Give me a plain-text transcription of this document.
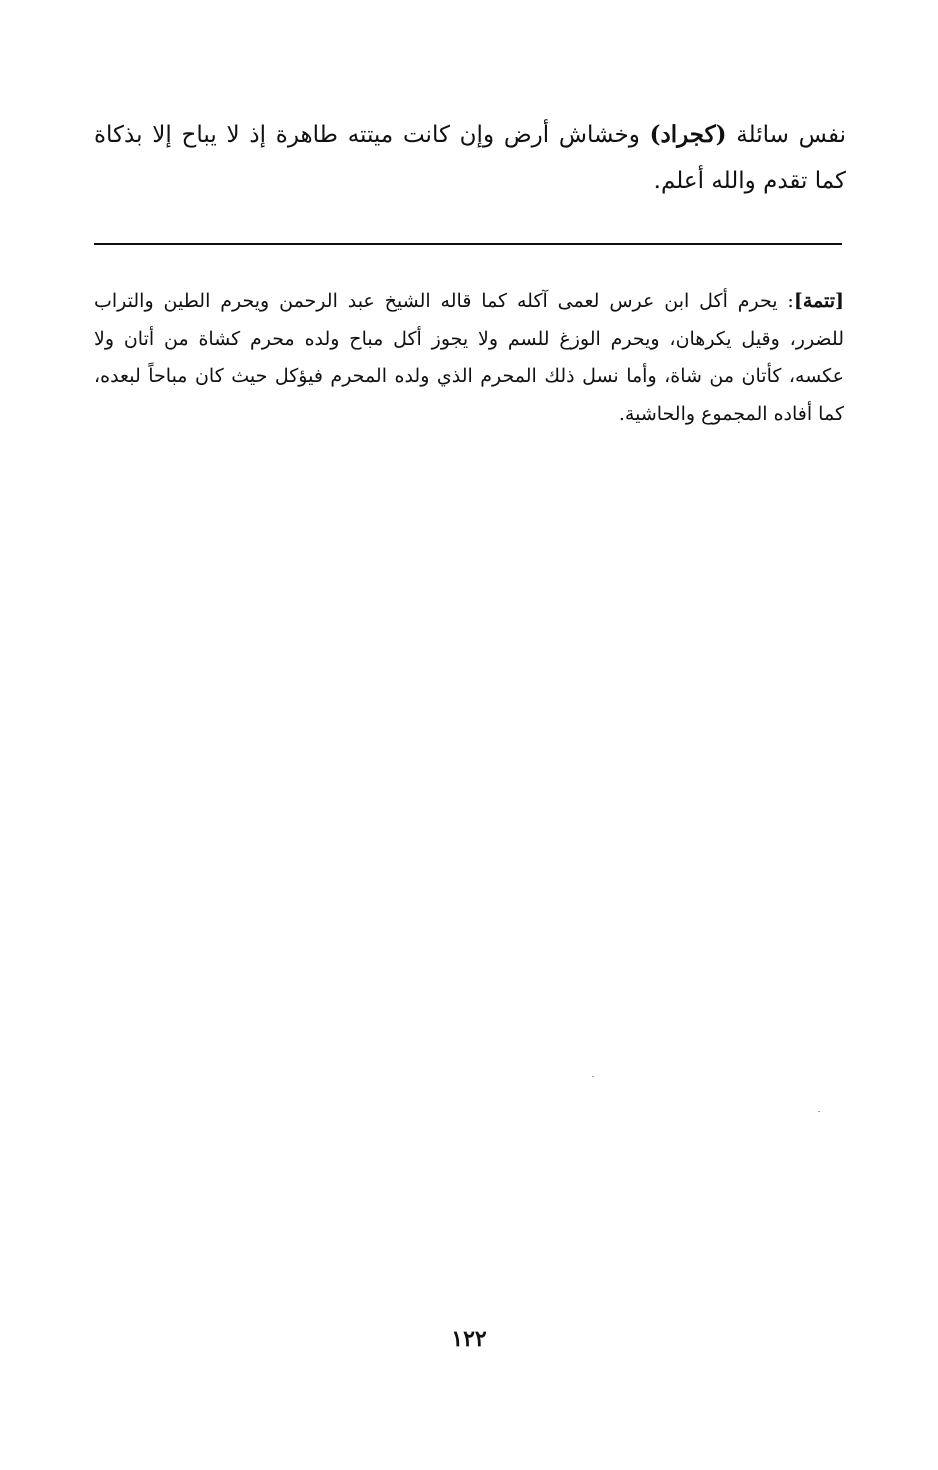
نفس سائلة (كجراد) وخشاش أرض وإن كانت ميتته طاهرة إذ لا يباح إلا بذكاة كما تقدم والله أعلم.

[تتمة]: يحرم أكل ابن عرس لعمى آكله كما قاله الشيخ عبد الرحمن ويحرم الطين والتراب للضرر، وقيل يكرهان، ويحرم الوزغ للسم ولا يجوز أكل مباح ولده محرم كشاة من أتان ولا عكسه، كأتان من شاة، وأما نسل ذلك المحرم الذي ولده المحرم فيؤكل حيث كان مباحاً لبعده، كما أفاده المجموع والحاشية.

١٢٢
